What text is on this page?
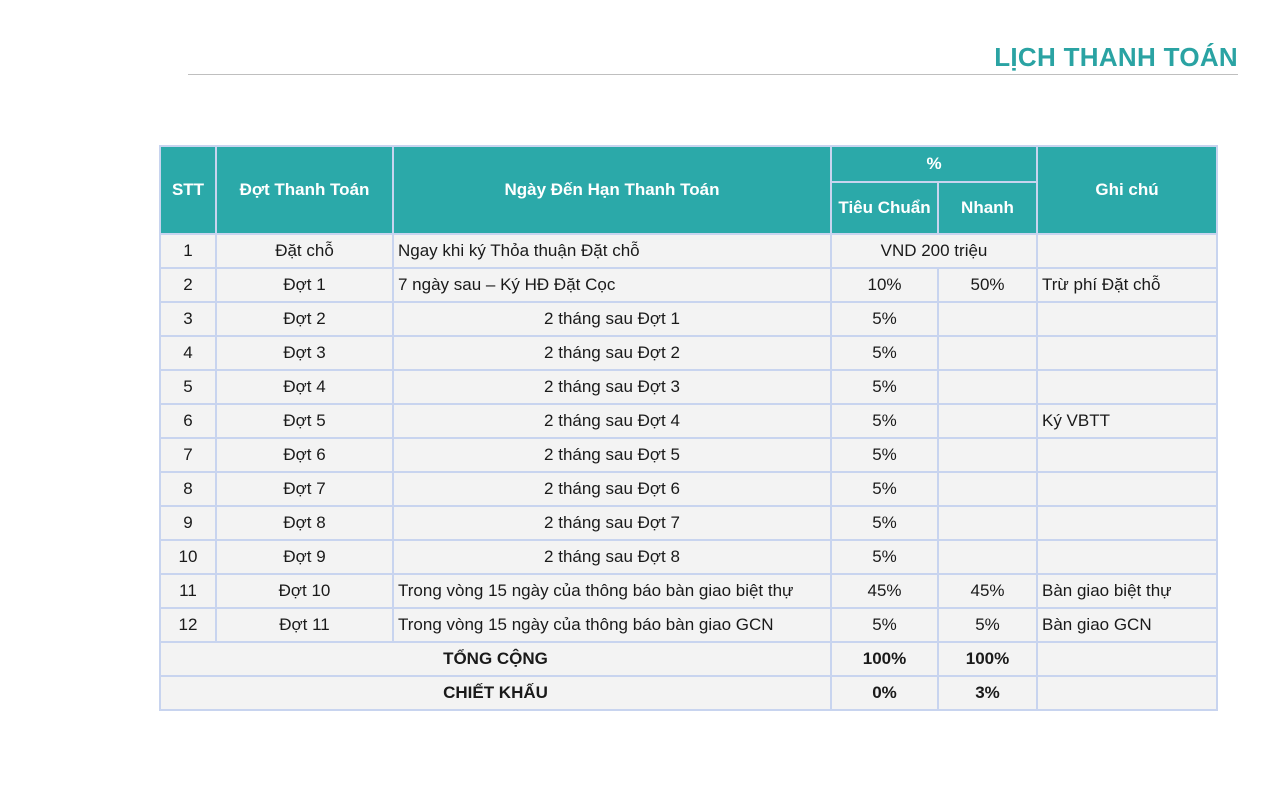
LỊCH THANH TOÁN
STT	Đợt Thanh Toán	Ngày Đến Hạn Thanh Toán	%		Ghi chú
			Tiêu Chuẩn	Nhanh	
1	Đặt chỗ	Ngay khi ký Thỏa thuận Đặt chỗ	VND 200 triệu		
2	Đợt 1	7 ngày sau – Ký HĐ Đặt Cọc	10%	50%	Trừ phí Đặt chỗ
3	Đợt 2	2 tháng sau Đợt 1	5%		
4	Đợt 3	2 tháng sau Đợt 2	5%		
5	Đợt 4	2 tháng sau Đợt 3	5%		
6	Đợt 5	2 tháng sau Đợt 4	5%		Ký VBTT
7	Đợt 6	2 tháng sau Đợt 5	5%		
8	Đợt 7	2 tháng sau Đợt 6	5%		
9	Đợt 8	2 tháng sau Đợt 7	5%		
10	Đợt 9	2 tháng sau Đợt 8	5%		
11	Đợt 10	Trong vòng 15 ngày của thông báo bàn giao biệt thự	45%	45%	Bàn giao biệt thự
12	Đợt 11	Trong vòng 15 ngày của thông báo bàn giao GCN	5%	5%	Bàn giao GCN
TỔNG CỘNG			100%	100%	
CHIẾT KHẤU			0%	3%	
